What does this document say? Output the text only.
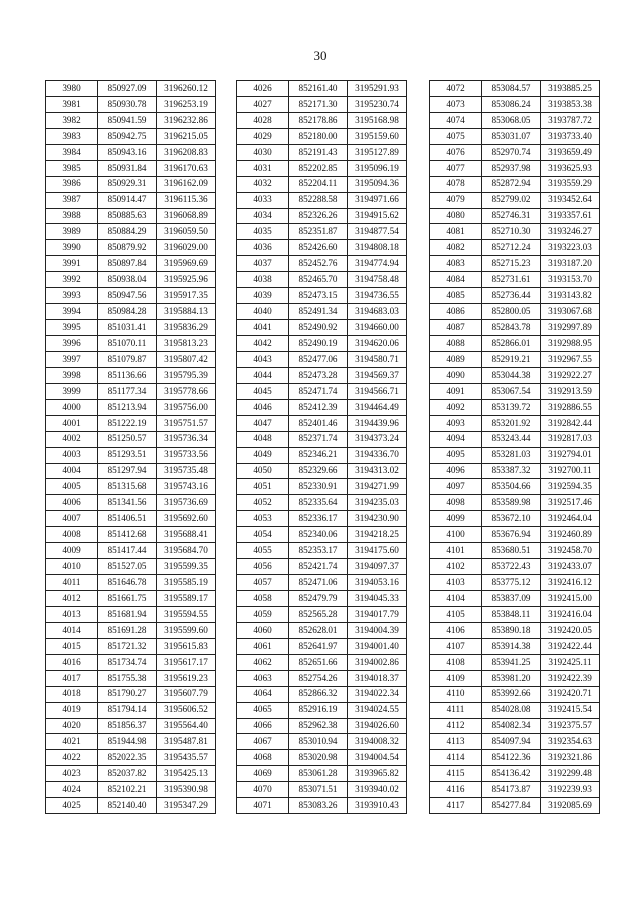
30
3980	850927.09	3196260.12
3981	850930.78	3196253.19
3982	850941.59	3196232.86
3983	850942.75	3196215.05
3984	850943.16	3196208.83
3985	850931.84	3196170.63
3986	850929.31	3196162.09
3987	850914.47	3196115.36
3988	850885.63	3196068.89
3989	850884.29	3196059.50
3990	850879.92	3196029.00
3991	850897.84	3195969.69
3992	850938.04	3195925.96
3993	850947.56	3195917.35
3994	850984.28	3195884.13
3995	851031.41	3195836.29
3996	851070.11	3195813.23
3997	851079.87	3195807.42
3998	851136.66	3195795.39
3999	851177.34	3195778.66
4000	851213.94	3195756.00
4001	851222.19	3195751.57
4002	851250.57	3195736.34
4003	851293.51	3195733.56
4004	851297.94	3195735.48
4005	851315.68	3195743.16
4006	851341.56	3195736.69
4007	851406.51	3195692.60
4008	851412.68	3195688.41
4009	851417.44	3195684.70
4010	851527.05	3195599.35
4011	851646.78	3195585.19
4012	851661.75	3195589.17
4013	851681.94	3195594.55
4014	851691.28	3195599.60
4015	851721.32	3195615.83
4016	851734.74	3195617.17
4017	851755.38	3195619.23
4018	851790.27	3195607.79
4019	851794.14	3195606.52
4020	851856.37	3195564.40
4021	851944.98	3195487.81
4022	852022.35	3195435.57
4023	852037.82	3195425.13
4024	852102.21	3195390.98
4025	852140.40	3195347.29
4026	852161.40	3195291.93
4027	852171.30	3195230.74
4028	852178.86	3195168.98
4029	852180.00	3195159.60
4030	852191.43	3195127.89
4031	852202.85	3195096.19
4032	852204.11	3195094.36
4033	852288.58	3194971.66
4034	852326.26	3194915.62
4035	852351.87	3194877.54
4036	852426.60	3194808.18
4037	852452.76	3194774.94
4038	852465.70	3194758.48
4039	852473.15	3194736.55
4040	852491.34	3194683.03
4041	852490.92	3194660.00
4042	852490.19	3194620.06
4043	852477.06	3194580.71
4044	852473.28	3194569.37
4045	852471.74	3194566.71
4046	852412.39	3194464.49
4047	852401.46	3194439.96
4048	852371.74	3194373.24
4049	852346.21	3194336.70
4050	852329.66	3194313.02
4051	852330.91	3194271.99
4052	852335.64	3194235.03
4053	852336.17	3194230.90
4054	852340.06	3194218.25
4055	852353.17	3194175.60
4056	852421.74	3194097.37
4057	852471.06	3194053.16
4058	852479.79	3194045.33
4059	852565.28	3194017.79
4060	852628.01	3194004.39
4061	852641.97	3194001.40
4062	852651.66	3194002.86
4063	852754.26	3194018.37
4064	852866.32	3194022.34
4065	852916.19	3194024.55
4066	852962.38	3194026.60
4067	853010.94	3194008.32
4068	853020.98	3194004.54
4069	853061.28	3193965.82
4070	853071.51	3193940.02
4071	853083.26	3193910.43
4072	853084.57	3193885.25
4073	853086.24	3193853.38
4074	853068.05	3193787.72
4075	853031.07	3193733.40
4076	852970.74	3193659.49
4077	852937.98	3193625.93
4078	852872.94	3193559.29
4079	852799.02	3193452.64
4080	852746.31	3193357.61
4081	852710.30	3193246.27
4082	852712.24	3193223.03
4083	852715.23	3193187.20
4084	852731.61	3193153.70
4085	852736.44	3193143.82
4086	852800.05	3193067.68
4087	852843.78	3192997.89
4088	852866.01	3192988.95
4089	852919.21	3192967.55
4090	853044.38	3192922.27
4091	853067.54	3192913.59
4092	853139.72	3192886.55
4093	853201.92	3192842.44
4094	853243.44	3192817.03
4095	853281.03	3192794.01
4096	853387.32	3192700.11
4097	853504.66	3192594.35
4098	853589.98	3192517.46
4099	853672.10	3192464.04
4100	853676.94	3192460.89
4101	853680.51	3192458.70
4102	853722.43	3192433.07
4103	853775.12	3192416.12
4104	853837.09	3192415.00
4105	853848.11	3192416.04
4106	853890.18	3192420.05
4107	853914.38	3192422.44
4108	853941.25	3192425.11
4109	853981.20	3192422.39
4110	853992.66	3192420.71
4111	854028.08	3192415.54
4112	854082.34	3192375.57
4113	854097.94	3192354.63
4114	854122.36	3192321.86
4115	854136.42	3192299.48
4116	854173.87	3192239.93
4117	854277.84	3192085.69
